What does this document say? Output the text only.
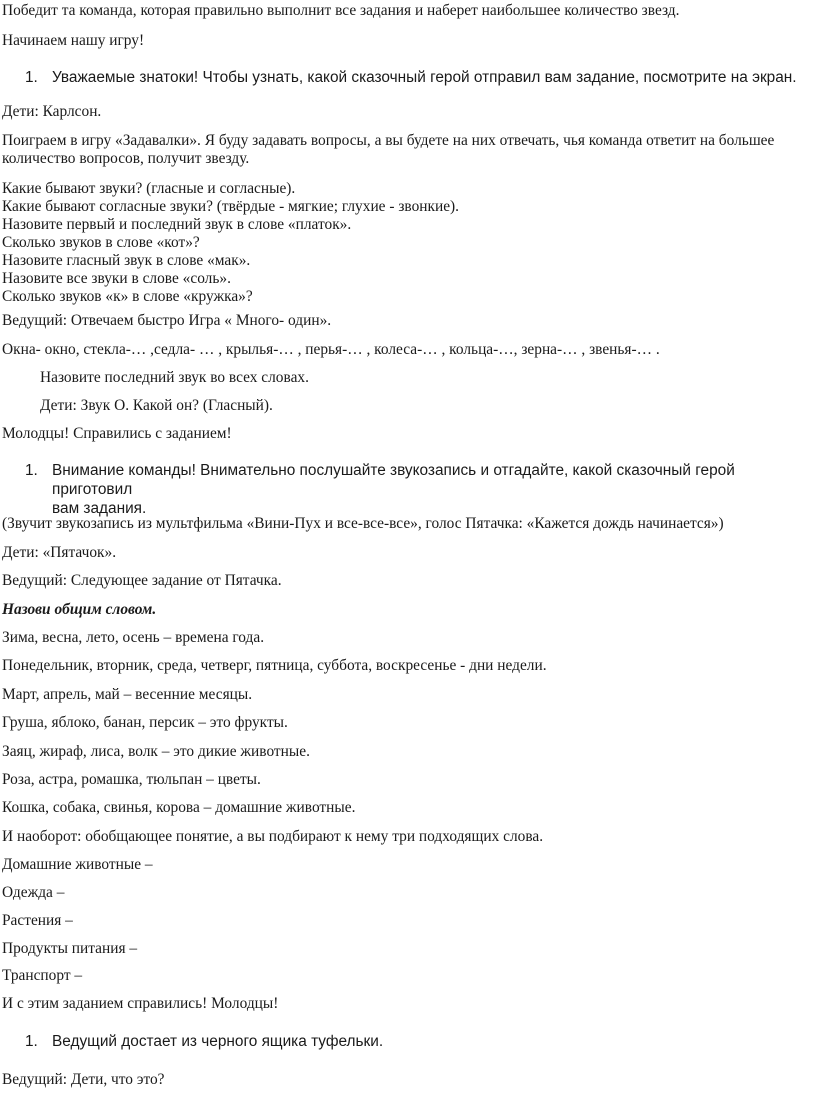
Победит та команда, которая правильно выполнит все задания и наберет наибольшее количество звезд.

Начинаем нашу игру!

1. Уважаемые знатоки! Чтобы узнать, какой сказочный герой отправил вам задание, посмотрите на экран.

Дети: Карлсон.

Поиграем в игру «Задавалки». Я буду задавать вопросы, а вы будете на них отвечать, чья команда ответит на большее
количество вопросов, получит звезду.

Какие бывают звуки? (гласные и согласные).
Какие бывают согласные звуки? (твёрдые - мягкие; глухие - звонкие).
Назовите первый и последний звук в слове «платок».
Сколько звуков в слове «кот»?
Назовите гласный звук в слове «мак».
Назовите все звуки в слове «соль».
Сколько звуков «к» в слове «кружка»?

Ведущий: Отвечаем быстро Игра « Много- один».

Окна- окно, стекла-… ,седла- … , крылья-… , перья-… , колеса-… , кольца-…, зерна-… , звенья-… .

Назовите последний звук во всех словах.

Дети: Звук О. Какой он? (Гласный).

Молодцы! Справились с заданием!

1. Внимание команды! Внимательно послушайте звукозапись и отгадайте, какой сказочный герой приготовил
вам задания.

(Звучит звукозапись из мультфильма «Вини-Пух и все-все-все», голос Пятачка: «Кажется дождь начинается»)

Дети: «Пятачок».

Ведущий: Следующее задание от Пятачка.

Назови общим словом.

Зима, весна, лето, осень – времена года.

Понедельник, вторник, среда, четверг, пятница, суббота, воскресенье - дни недели.

Март, апрель, май – весенние месяцы.

Груша, яблоко, банан, персик – это фрукты.

Заяц, жираф, лиса, волк – это дикие животные.

Роза, астра, ромашка, тюльпан – цветы.

Кошка, собака, свинья, корова – домашние животные.

И наоборот: обобщающее понятие, а вы подбирают к нему три подходящих слова.

Домашние животные –

Одежда –

Растения –

Продукты питания –

Транспорт –

И с этим заданием справились! Молодцы!

1. Ведущий достает из черного ящика туфельки.

Ведущий: Дети, что это?
